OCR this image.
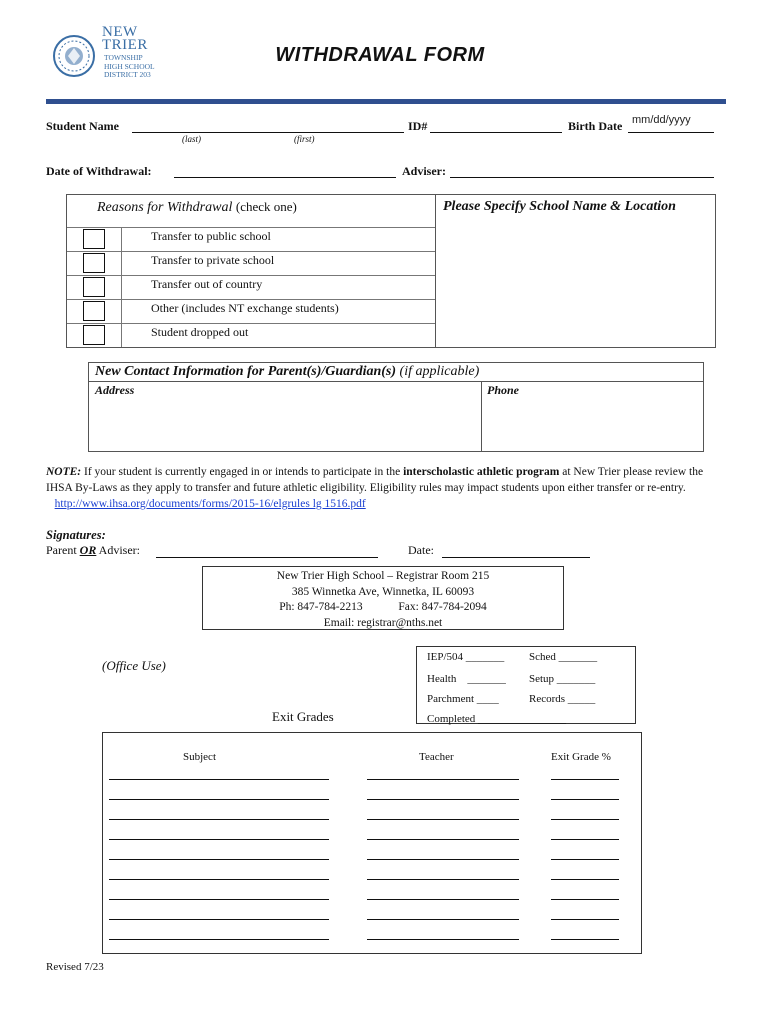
NEW
TRIER
TOWNSHIP
HIGH SCHOOL
DISTRICT 203
WITHDRAWAL FORM
Student Name
(last)	(first)
ID#	Birth Date mm/dd/yyyy
Date of Withdrawal:	Adviser:
Reasons for Withdrawal (check one)	Please Specify School Name & Location
Transfer to public school
Transfer to private school
Transfer out of country
Other (includes NT exchange students)
Student dropped out
New Contact Information for Parent(s)/Guardian(s) (if applicable)
Address	Phone
NOTE: If your student is currently engaged in or intends to participate in the interscholastic athletic program at New Trier please review the IHSA By-Laws as they apply to transfer and future athletic eligibility. Eligibility rules may impact students upon either transfer or re-entry.    http://www.ihsa.org/documents/forms/2015-16/elgrules lg 1516.pdf
Signatures:
Parent OR Adviser:	Date:
New Trier High School – Registrar Room 215
385 Winnetka Ave, Winnetka, IL 60093
Ph: 847-784-2213	Fax: 847-784-2094
Email: registrar@nths.net
(Office Use)
IEP/504 _______ Sched _______
Health    _______ Setup _______
Parchment ____	Records _____
Completed ________________
Exit Grades
Subject	Teacher	Exit Grade %
Revised 7/23
